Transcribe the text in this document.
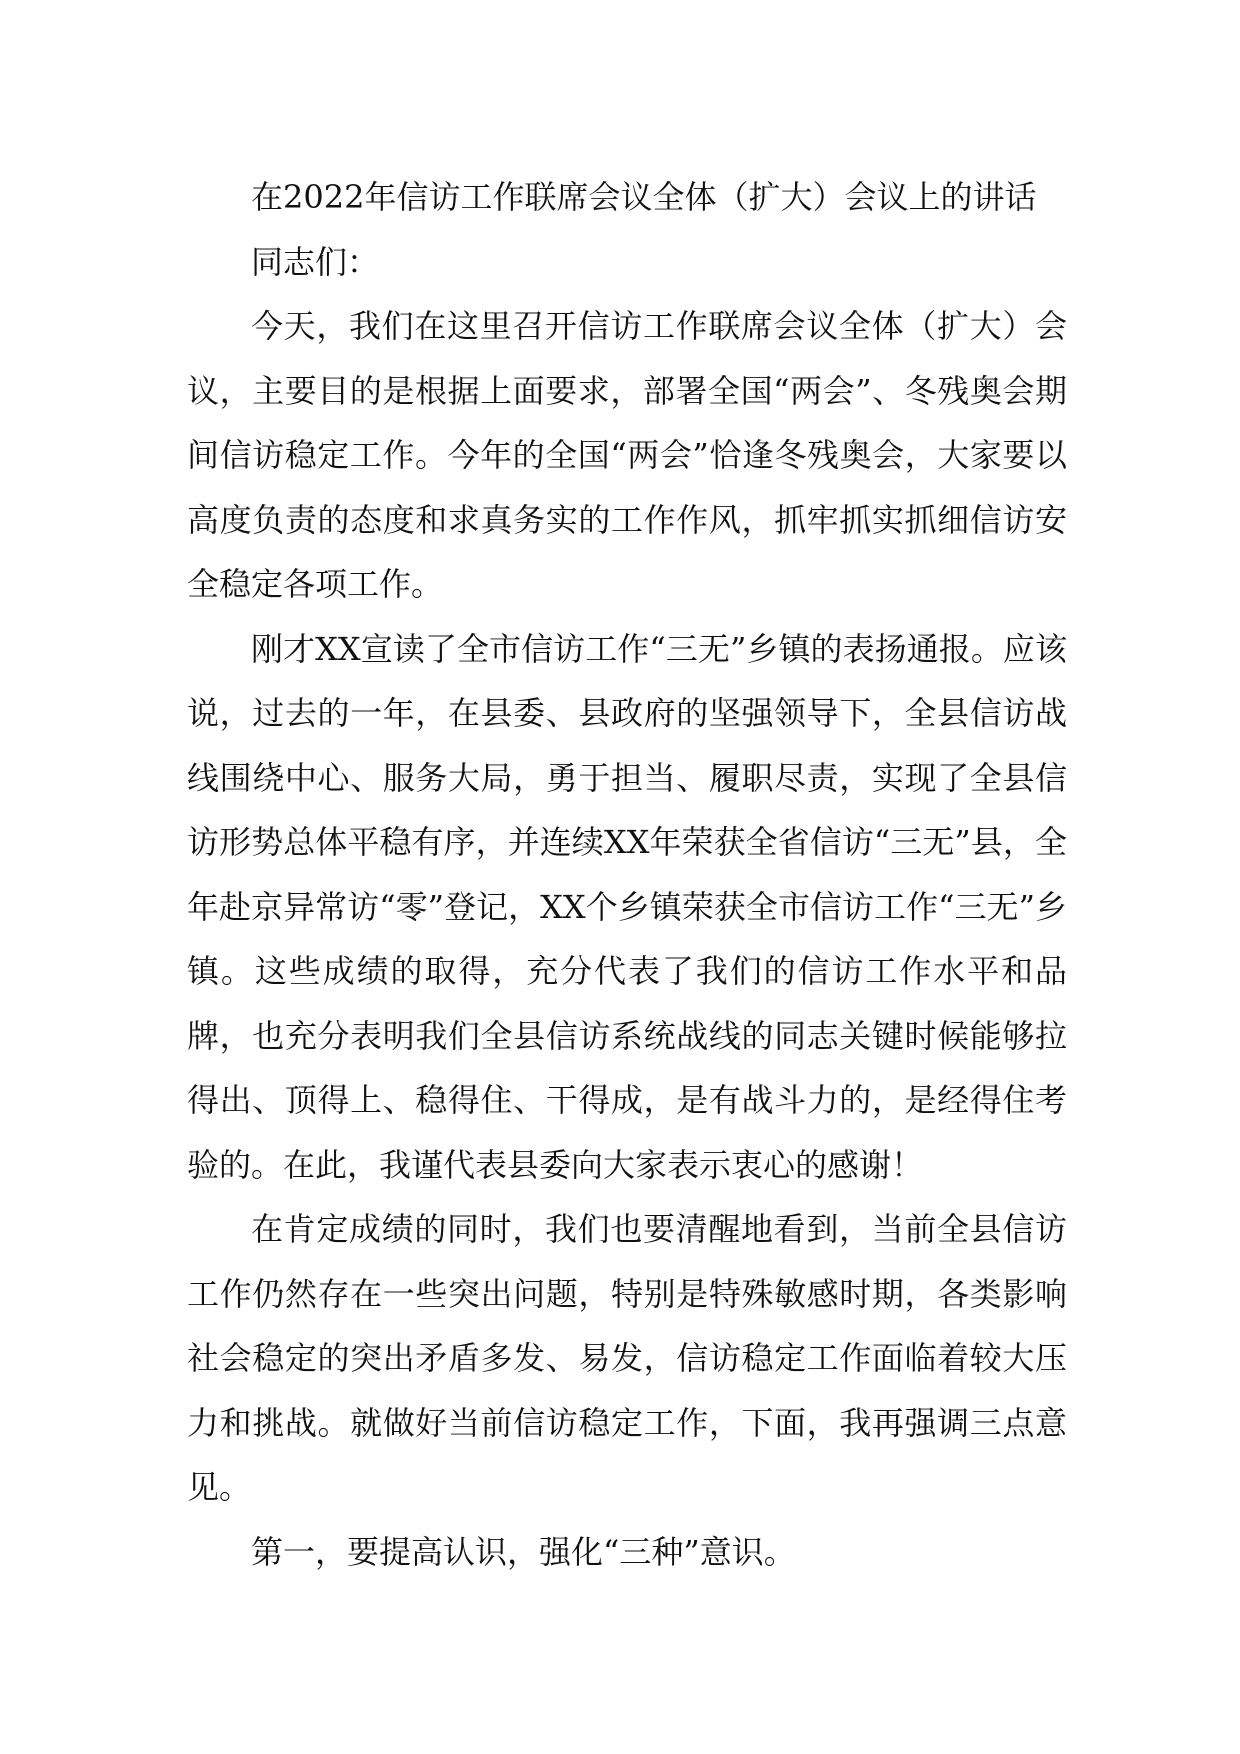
在2022年信访工作联席会议全体（扩大）会议上的讲话

同志们：

今天，我们在这里召开信访工作联席会议全体（扩大）会议，主要目的是根据上面要求，部署全国“两会”、冬残奥会期间信访稳定工作。今年的全国“两会”恰逢冬残奥会，大家要以高度负责的态度和求真务实的工作作风，抓牢抓实抓细信访安全稳定各项工作。

刚才XX宣读了全市信访工作“三无”乡镇的表扬通报。应该说，过去的一年，在县委、县政府的坚强领导下，全县信访战线围绕中心、服务大局，勇于担当、履职尽责，实现了全县信访形势总体平稳有序，并连续XX年荣获全省信访“三无”县，全年赴京异常访“零”登记，XX个乡镇荣获全市信访工作“三无”乡镇。这些成绩的取得，充分代表了我们的信访工作水平和品牌，也充分表明我们全县信访系统战线的同志关键时候能够拉得出、顶得上、稳得住、干得成，是有战斗力的，是经得住考验的。在此，我谨代表县委向大家表示衷心的感谢！

在肯定成绩的同时，我们也要清醒地看到，当前全县信访工作仍然存在一些突出问题，特别是特殊敏感时期，各类影响社会稳定的突出矛盾多发、易发，信访稳定工作面临着较大压力和挑战。就做好当前信访稳定工作，下面，我再强调三点意见。

第一，要提高认识，强化“三种”意识。
